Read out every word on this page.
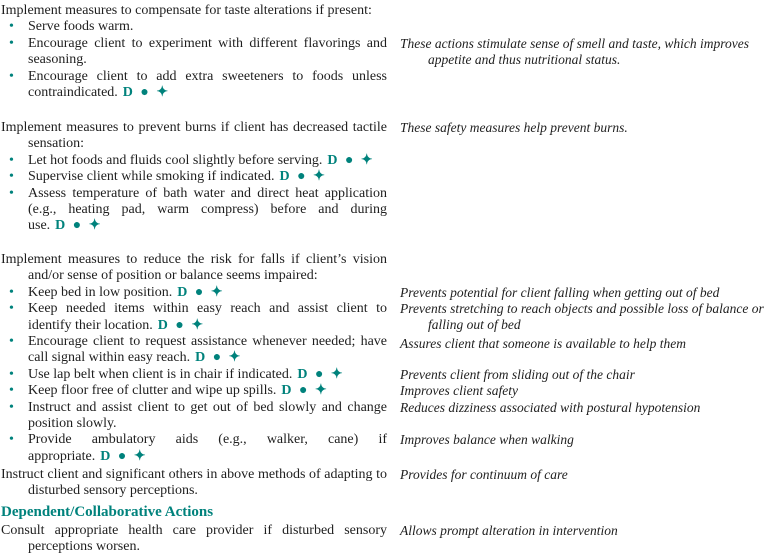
Implement measures to compensate for taste alterations if present:

• Serve foods warm.
• Encourage client to experiment with different flavorings and seasoning.
• Encourage client to add extra sweeteners to foods unless contraindicated. D ● ✦

Implement measures to prevent burns if client has decreased tactile sensation:

• Let hot foods and fluids cool slightly before serving. D ● ✦
• Supervise client while smoking if indicated. D ● ✦
• Assess temperature of bath water and direct heat application (e.g., heating pad, warm compress) before and during use. D ● ✦

Implement measures to reduce the risk for falls if client’s vision and/or sense of position or balance seems impaired:

• Keep bed in low position. D ● ✦
• Keep needed items within easy reach and assist client to identify their location. D ● ✦
• Encourage client to request assistance whenever needed; have call signal within easy reach. D ● ✦
• Use lap belt when client is in chair if indicated. D ● ✦
• Keep floor free of clutter and wipe up spills. D ● ✦
• Instruct and assist client to get out of bed slowly and change position slowly.
• Provide ambulatory aids (e.g., walker, cane) if appropriate. D ● ✦

Instruct client and significant others in above methods of adapting to disturbed sensory perceptions.

Dependent/Collaborative Actions

Consult appropriate health care provider if disturbed sensory perceptions worsen.

These actions stimulate sense of smell and taste, which improves appetite and thus nutritional status.
These safety measures help prevent burns.
Prevents potential for client falling when getting out of bed
Prevents stretching to reach objects and possible loss of balance or falling out of bed
Assures client that someone is available to help them
Prevents client from sliding out of the chair
Improves client safety
Reduces dizziness associated with postural hypotension
Improves balance when walking
Provides for continuum of care
Allows prompt alteration in intervention
